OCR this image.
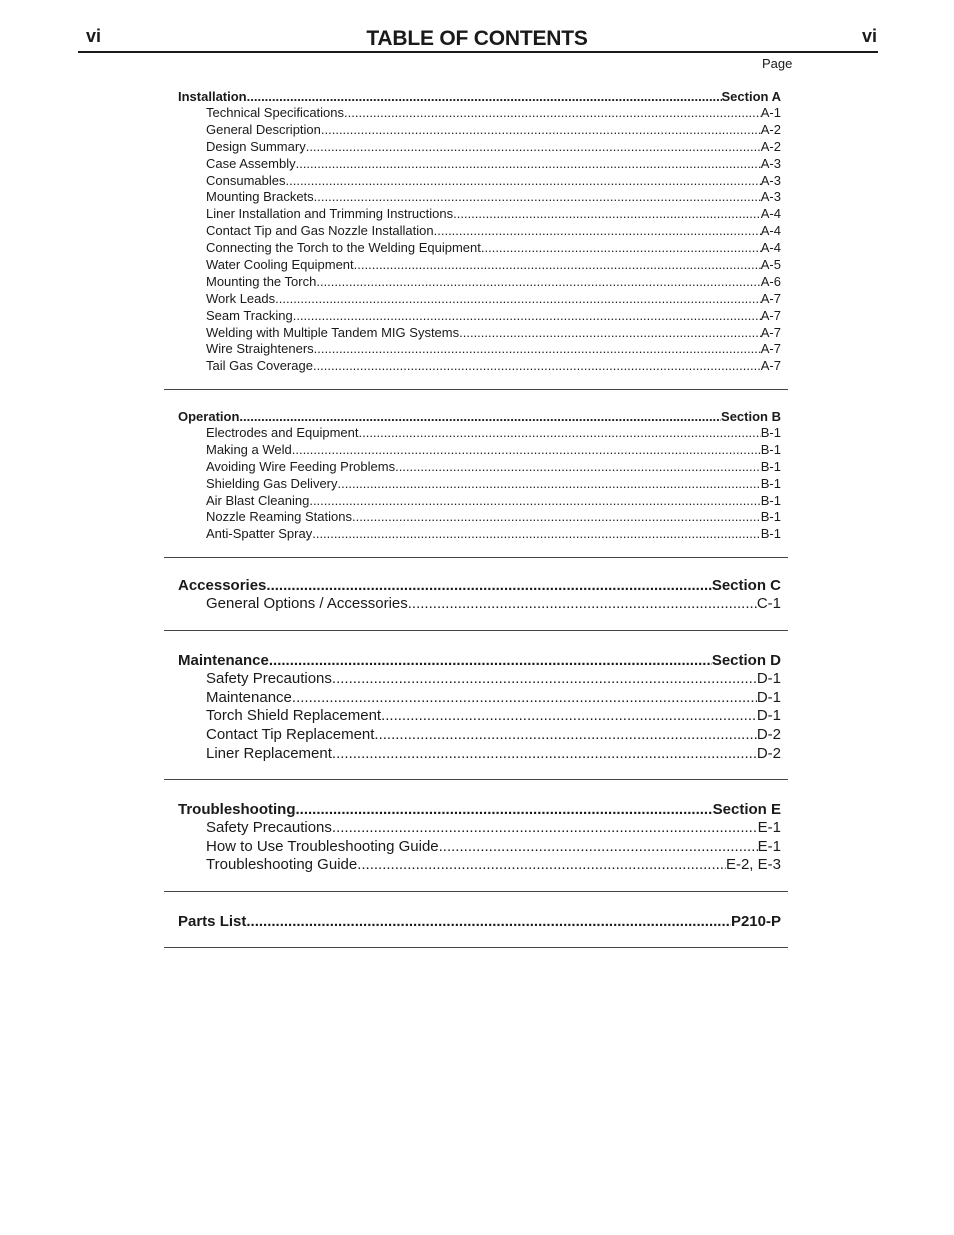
vi	TABLE OF CONTENTS	vi
Page
Installation .....	Section A
Technical Specifications .....	A-1
General Description .....	A-2
Design Summary .....	A-2
Case Assembly .....	A-3
Consumables .....	A-3
Mounting Brackets .....	A-3
Liner Installation and Trimming Instructions .....	A-4
Contact Tip and Gas Nozzle Installation .....	A-4
Connecting the Torch to the Welding Equipment .....	A-4
Water Cooling Equipment .....	A-5
Mounting the Torch .....	A-6
Work Leads .....	A-7
Seam Tracking .....	A-7
Welding with Multiple Tandem MIG Systems .....	A-7
Wire Straighteners .....	A-7
Tail Gas Coverage .....	A-7
Operation .....	Section B
Electrodes and Equipment .....	B-1
Making a Weld .....	B-1
Avoiding Wire Feeding Problems .....	B-1
Shielding Gas Delivery .....	B-1
Air Blast Cleaning .....	B-1
Nozzle Reaming Stations .....	B-1
Anti-Spatter Spray .....	B-1
Accessories .....	Section C
General Options / Accessories .....	C-1
Maintenance .....	Section D
Safety Precautions .....	D-1
Maintenance .....	D-1
Torch Shield Replacement .....	D-1
Contact Tip Replacement .....	D-2
Liner Replacement .....	D-2
Troubleshooting .....	Section E
Safety Precautions .....	E-1
How to Use Troubleshooting Guide .....	E-1
Troubleshooting Guide .....	E-2, E-3
Parts List .....	P210-P
